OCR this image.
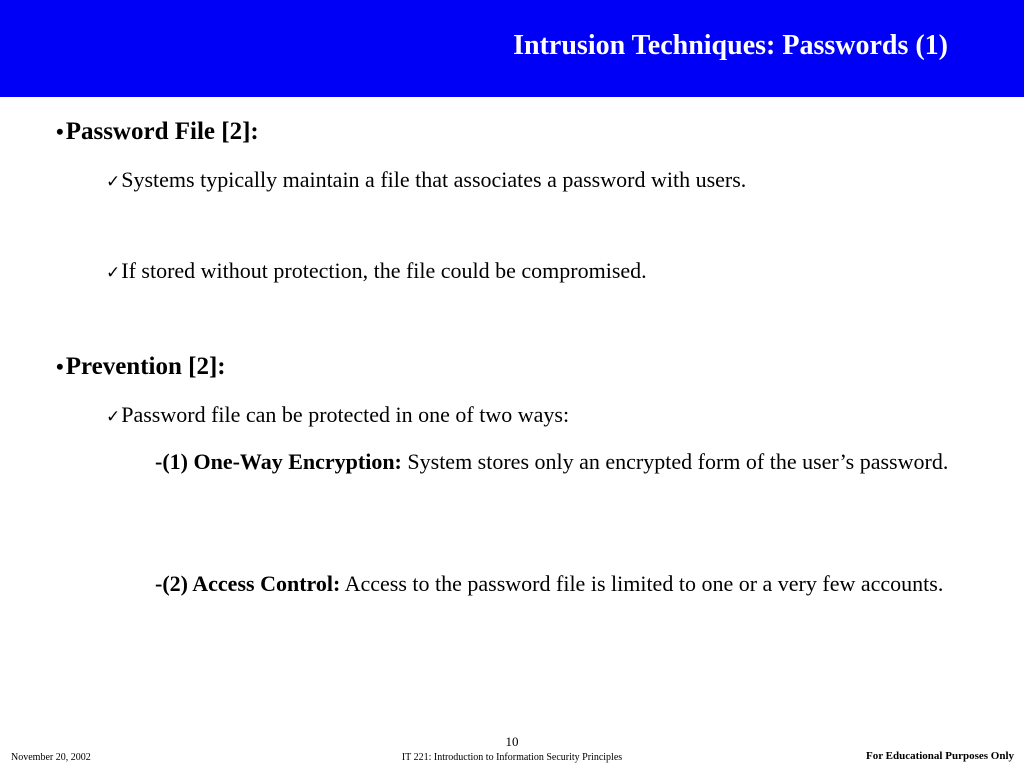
Intrusion Techniques: Passwords (1)
•Password File [2]:
✓Systems typically maintain a file that associates a password with users.
✓If stored without protection, the file could be compromised.
•Prevention [2]:
✓Password file can be protected in one of two ways:
-(1) One-Way Encryption: System stores only an encrypted form of the user’s password.
-(2) Access Control: Access to the password file is limited to one or a very few accounts.
November 20, 2002
10
IT 221: Introduction to Information Security Principles	For Educational Purposes Only
